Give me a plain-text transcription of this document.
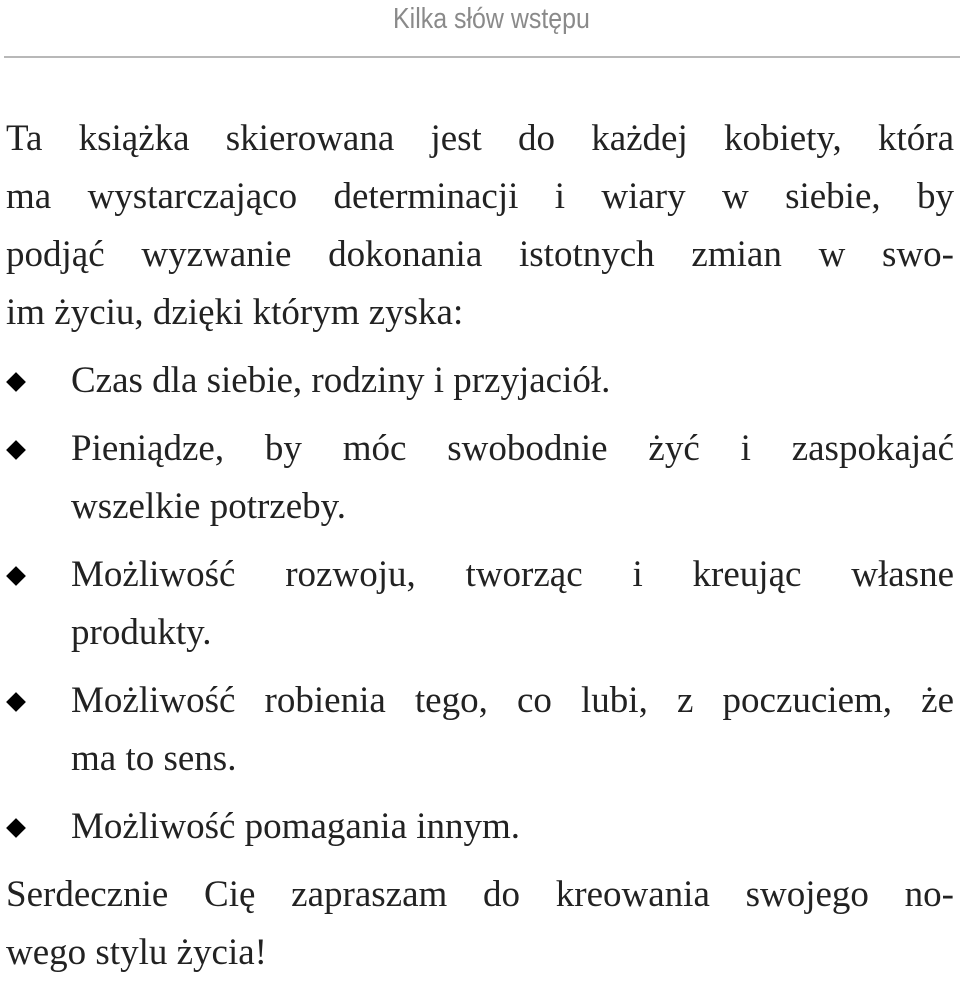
Kilka słów wstępu
Ta książka skierowana jest do każdej kobiety, która
ma wystarczająco determinacji i wiary w siebie, by
podjąć wyzwanie dokonania istotnych zmian w swo-
im życiu, dzięki którym zyska:
Czas dla siebie, rodziny i przyjaciół.
Pieniądze, by móc swobodnie żyć i zaspokajać
wszelkie potrzeby.
Możliwość rozwoju, tworząc i kreując własne
produkty.
Możliwość robienia tego, co lubi, z poczuciem, że
ma to sens.
Możliwość pomagania innym.
Serdecznie Cię zapraszam do kreowania swojego no-
wego stylu życia!
